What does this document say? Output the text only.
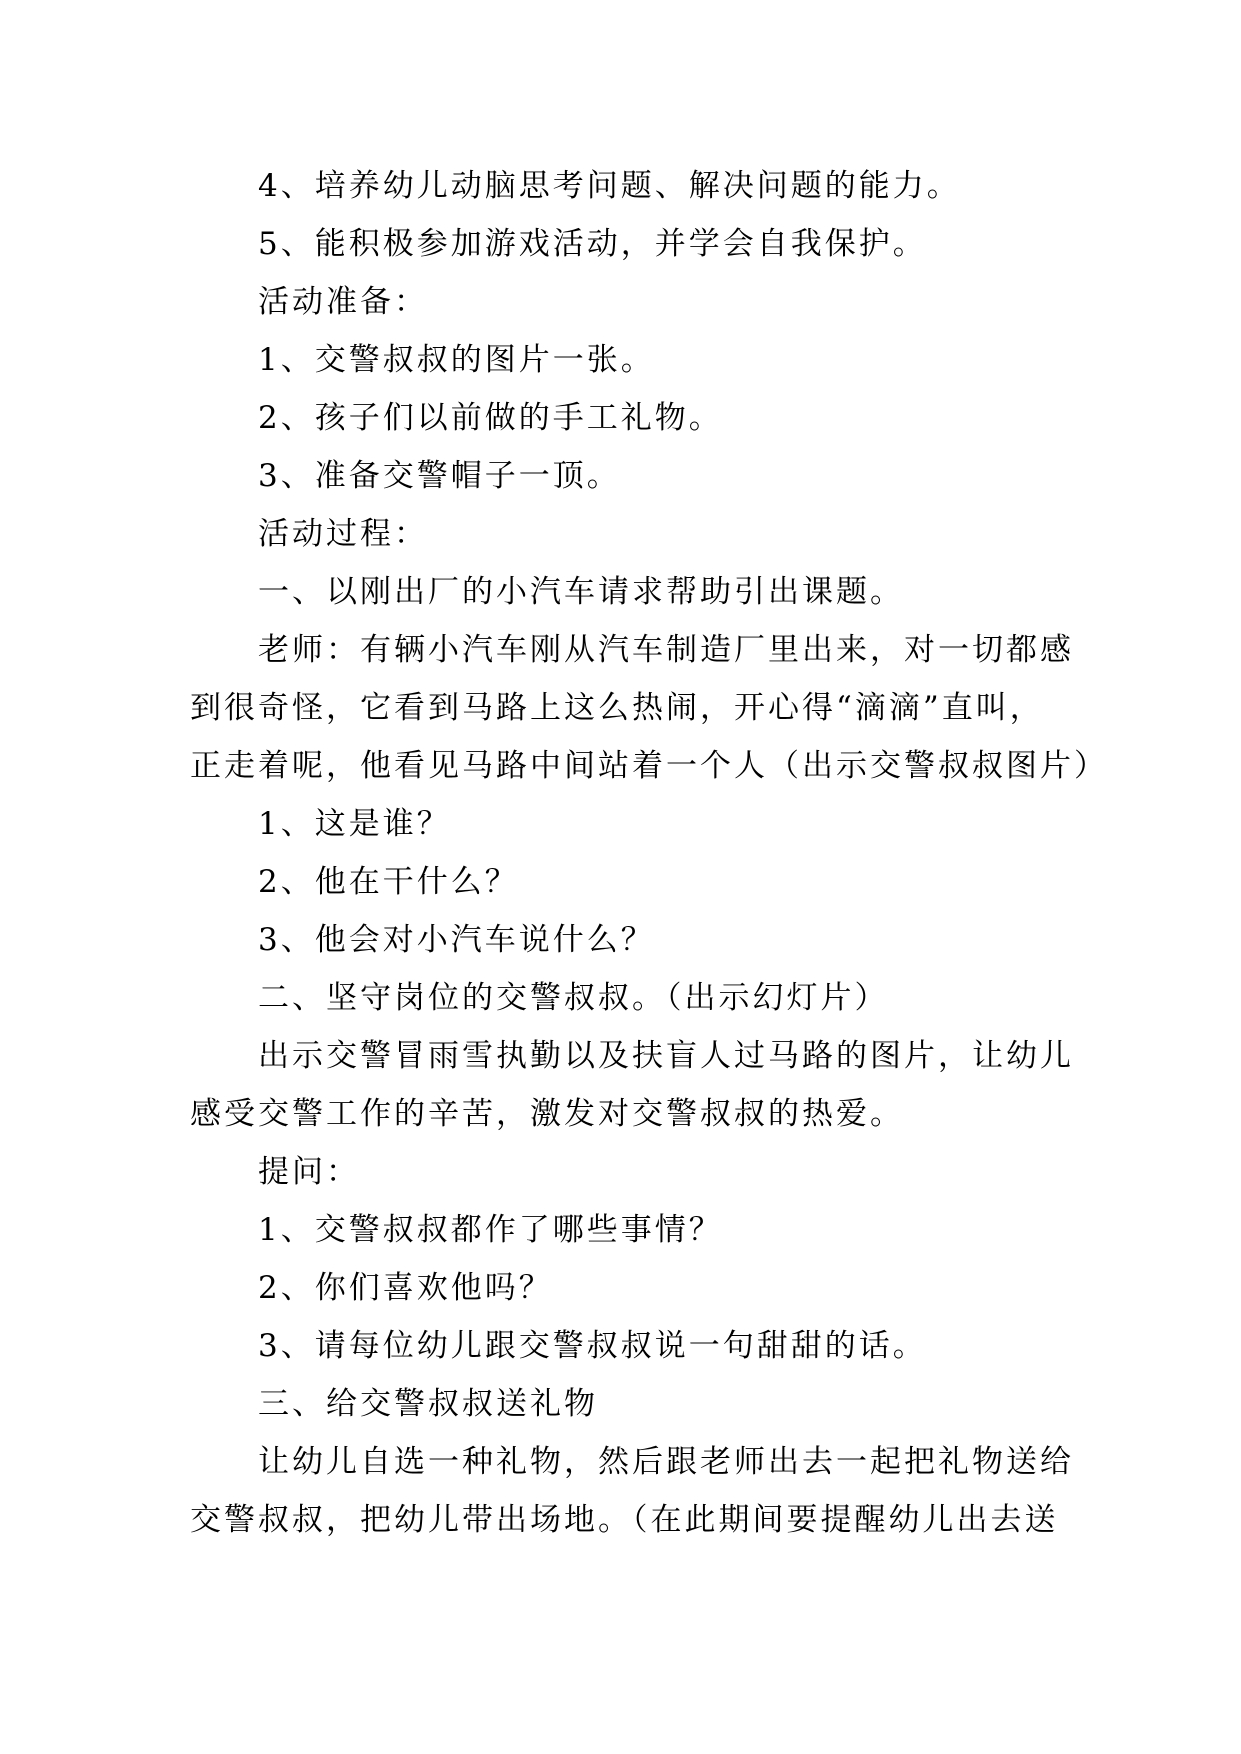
4、培养幼儿动脑思考问题、解决问题的能力。
5、能积极参加游戏活动，并学会自我保护。
活动准备：
1、交警叔叔的图片一张。
2、孩子们以前做的手工礼物。
3、准备交警帽子一顶。
活动过程：
一、以刚出厂的小汽车请求帮助引出课题。
老师：有辆小汽车刚从汽车制造厂里出来，对一切都感
到很奇怪，它看到马路上这么热闹，开心得“滴滴”直叫，
正走着呢，他看见马路中间站着一个人（出示交警叔叔图片）
1、这是谁？
2、他在干什么？
3、他会对小汽车说什么？
二、坚守岗位的交警叔叔。（出示幻灯片）
出示交警冒雨雪执勤以及扶盲人过马路的图片，让幼儿
感受交警工作的辛苦，激发对交警叔叔的热爱。
提问：
1、交警叔叔都作了哪些事情？
2、你们喜欢他吗？
3、请每位幼儿跟交警叔叔说一句甜甜的话。
三、给交警叔叔送礼物
让幼儿自选一种礼物，然后跟老师出去一起把礼物送给
交警叔叔，把幼儿带出场地。（在此期间要提醒幼儿出去送
